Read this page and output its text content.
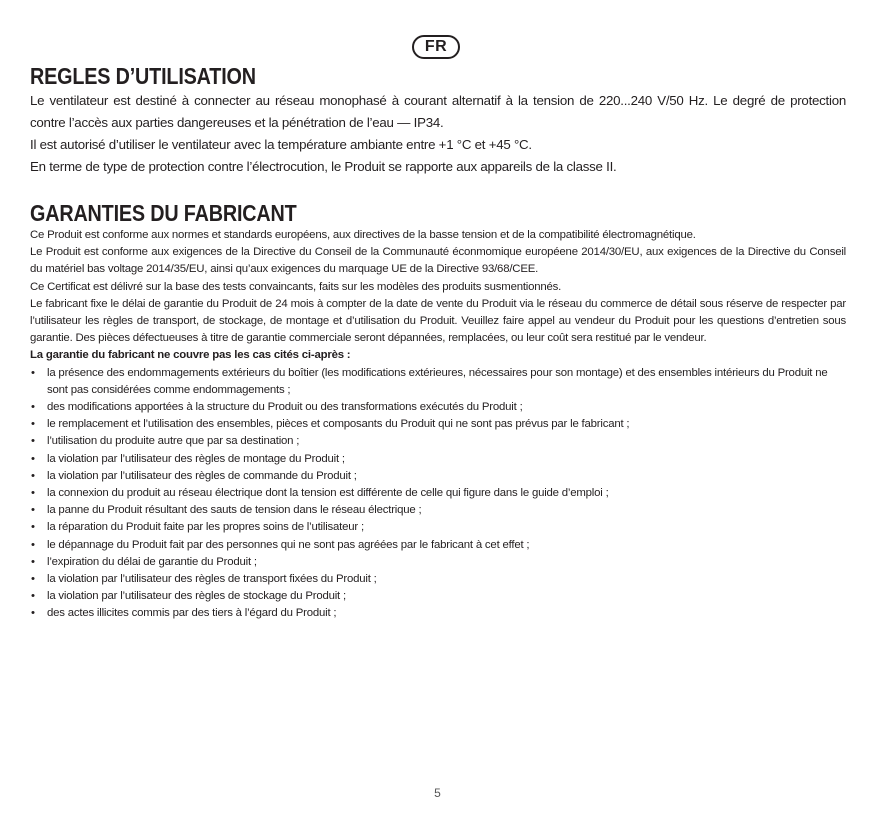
FR
REGLES D’UTILISATION

Le ventilateur est destiné à connecter au réseau monophasé à courant alternatif à la tension de 220...240 V/50 Hz. Le degré de protection contre l’accès aux parties dangereuses et la pénétration de l’eau — IP34.

Il est autorisé d’utiliser le ventilateur avec la température ambiante entre +1 °C et +45 °C.

En terme de type de protection contre l’électrocution, le Produit se rapporte aux appareils de la classe II.

GARANTIES DU FABRICANT

Ce Produit est conforme aux normes et standards européens, aux directives de la basse tension et de la compatibilité électromagnétique.

Le Produit est conforme aux exigences de la Directive du Conseil de la Communauté éconmomique européene 2014/30/EU, aux exigences de la Directive du Conseil du matériel bas voltage 2014/35/EU, ainsi qu’aux exigences du marquage UE de la Directive 93/68/CEE.

Ce Certificat est délivré sur la base des tests convaincants, faits sur les modèles des produits susmentionnés.

Le fabricant fixe le délai de garantie du Produit de 24 mois à compter de la date de vente du Produit via le réseau du commerce de détail sous réserve de respecter par l’utilisateur les règles de transport, de stockage, de montage et d’utilisation du Produit. Veuillez faire appel au vendeur du Produit pour les questions d’entretien sous garantie. Des pièces défectueuses à titre de garantie commerciale seront dépannées, remplacées, ou leur coût sera restitué par le vendeur.

La garantie du fabricant ne couvre pas les cas cités ci-après :

• la présence des endommagements extérieurs du boîtier (les modifications extérieures, nécessaires pour son montage) et des ensembles intérieurs du Produit ne sont pas considérées comme endommagements ;
• des modifications apportées à la structure du Produit ou des transformations exécutés du Produit ;
• le remplacement et l’utilisation des ensembles, pièces et composants du Produit qui ne sont pas prévus par le fabricant ;
• l’utilisation du produite autre que par sa destination ;
• la violation par l’utilisateur des règles de montage du Produit ;
• la violation par l’utilisateur des règles de commande du Produit ;
• la connexion du produit au réseau électrique dont la tension est différente de celle qui figure dans le guide d’emploi ;
• la panne du Produit résultant des sauts de tension dans le réseau électrique ;
• la réparation du Produit faite par les propres soins de l’utilisateur ;
• le dépannage du Produit fait par des personnes qui ne sont pas agréées par le fabricant à cet effet ;
• l’expiration du délai de garantie du Produit ;
• la violation par l’utilisateur des règles de transport fixées du Produit ;
• la violation par l’utilisateur des règles de stockage du Produit ;
• des actes illicites commis par des tiers à l’égard du Produit ;
5
